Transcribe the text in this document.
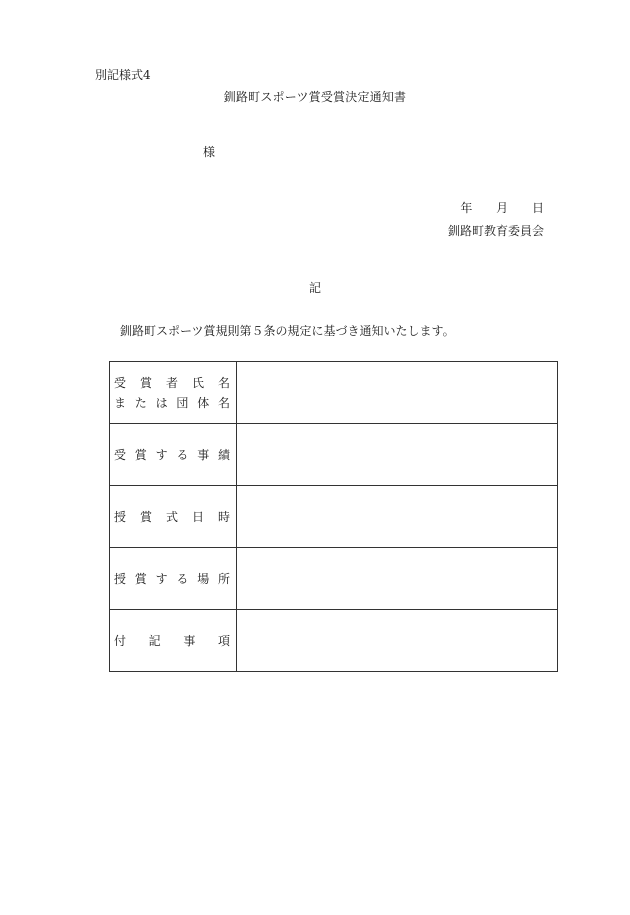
別記様式4
釧路町スポーツ賞受賞決定通知書
様
年 月 日
釧路町教育委員会
記
釧路町スポーツ賞規則第５条の規定に基づき通知いたします。
受 賞 者 氏 名
ま た は 団 体 名	

受 賞 す る 事 績	

授 賞 式 日 時	

授 賞 す る 場 所	

付 記 事 項	
